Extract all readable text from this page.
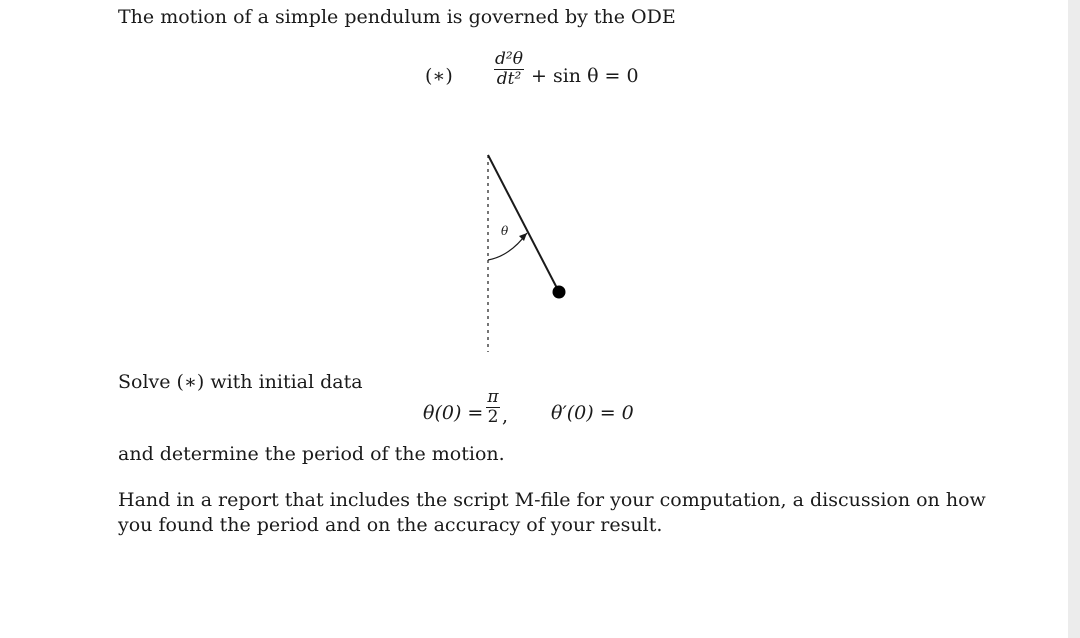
The motion of a simple pendulum is governed by the ODE
(∗)
d²θ
dt² + sin θ = 0
θ
Solve (∗) with initial data
θ(0) =
π
2 , θ′(0) = 0
and determine the period of the motion.
Hand in a report that includes the script M-file for your computation, a discussion on how
you found the period and on the accuracy of your result.
